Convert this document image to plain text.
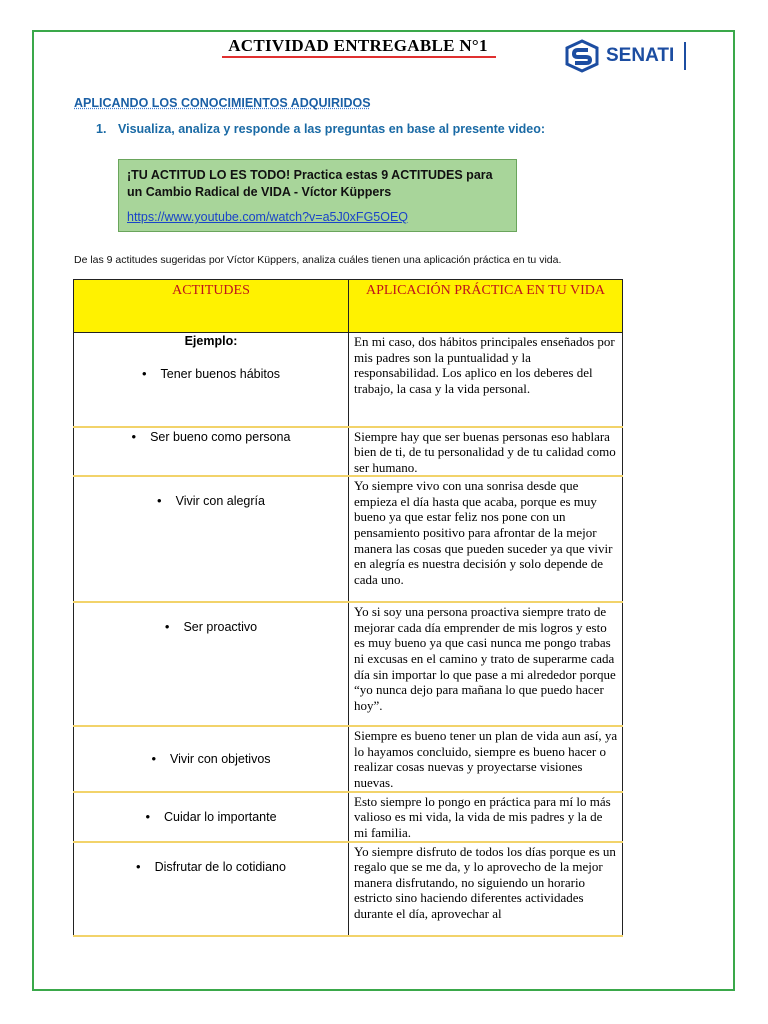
ACTIVIDAD ENTREGABLE N°1	SENATI
APLICANDO LOS CONOCIMIENTOS ADQUIRIDOS
1. Visualiza, analiza y responde a las preguntas en base al presente video:
¡TU ACTITUD LO ES TODO! Practica estas 9 ACTITUDES para un Cambio Radical de VIDA - Víctor Küppers
https://www.youtube.com/watch?v=a5J0xFG5OEQ
De las 9 actitudes sugeridas por Víctor Küppers, analiza cuáles tienen una aplicación práctica en tu vida.
ACTITUDES	APLICACIÓN PRÁCTICA EN TU VIDA

Ejemplo:
• Tener buenos hábitos	En mi caso, dos hábitos principales enseñados por mis padres son la puntualidad y la responsabilidad. Los aplico en los deberes del trabajo, la casa y la vida personal.
• Ser bueno como persona	Siempre hay que ser buenas personas eso hablara bien de ti, de tu personalidad y de tu calidad como ser humano.
• Vivir con alegría	Yo siempre vivo con una sonrisa desde que empieza el día hasta que acaba, porque es muy bueno ya que estar feliz nos pone con un pensamiento positivo para afrontar de la mejor manera las cosas que pueden suceder ya que vivir en alegría es nuestra decisión y solo depende de cada uno.
• Ser proactivo	Yo si soy una persona proactiva siempre trato de mejorar cada día emprender de mis logros y esto es muy bueno ya que casi nunca me pongo trabas ni excusas en el camino y trato de superarme cada día sin importar lo que pase a mi alrededor porque “yo nunca dejo para mañana lo que puedo hacer hoy”.
• Vivir con objetivos	Siempre es bueno tener un plan de vida aun así, ya lo hayamos concluido, siempre es bueno hacer o realizar cosas nuevas y proyectarse visiones nuevas.
• Cuidar lo importante	Esto siempre lo pongo en práctica para mí lo más valioso es mi vida, la vida de mis padres y la de mi familia.
• Disfrutar de lo cotidiano	Yo siempre disfruto de todos los días porque es un regalo que se me da, y lo aprovecho de la mejor manera disfrutando, no siguiendo un horario estricto sino haciendo diferentes actividades durante el día, aprovechar al
